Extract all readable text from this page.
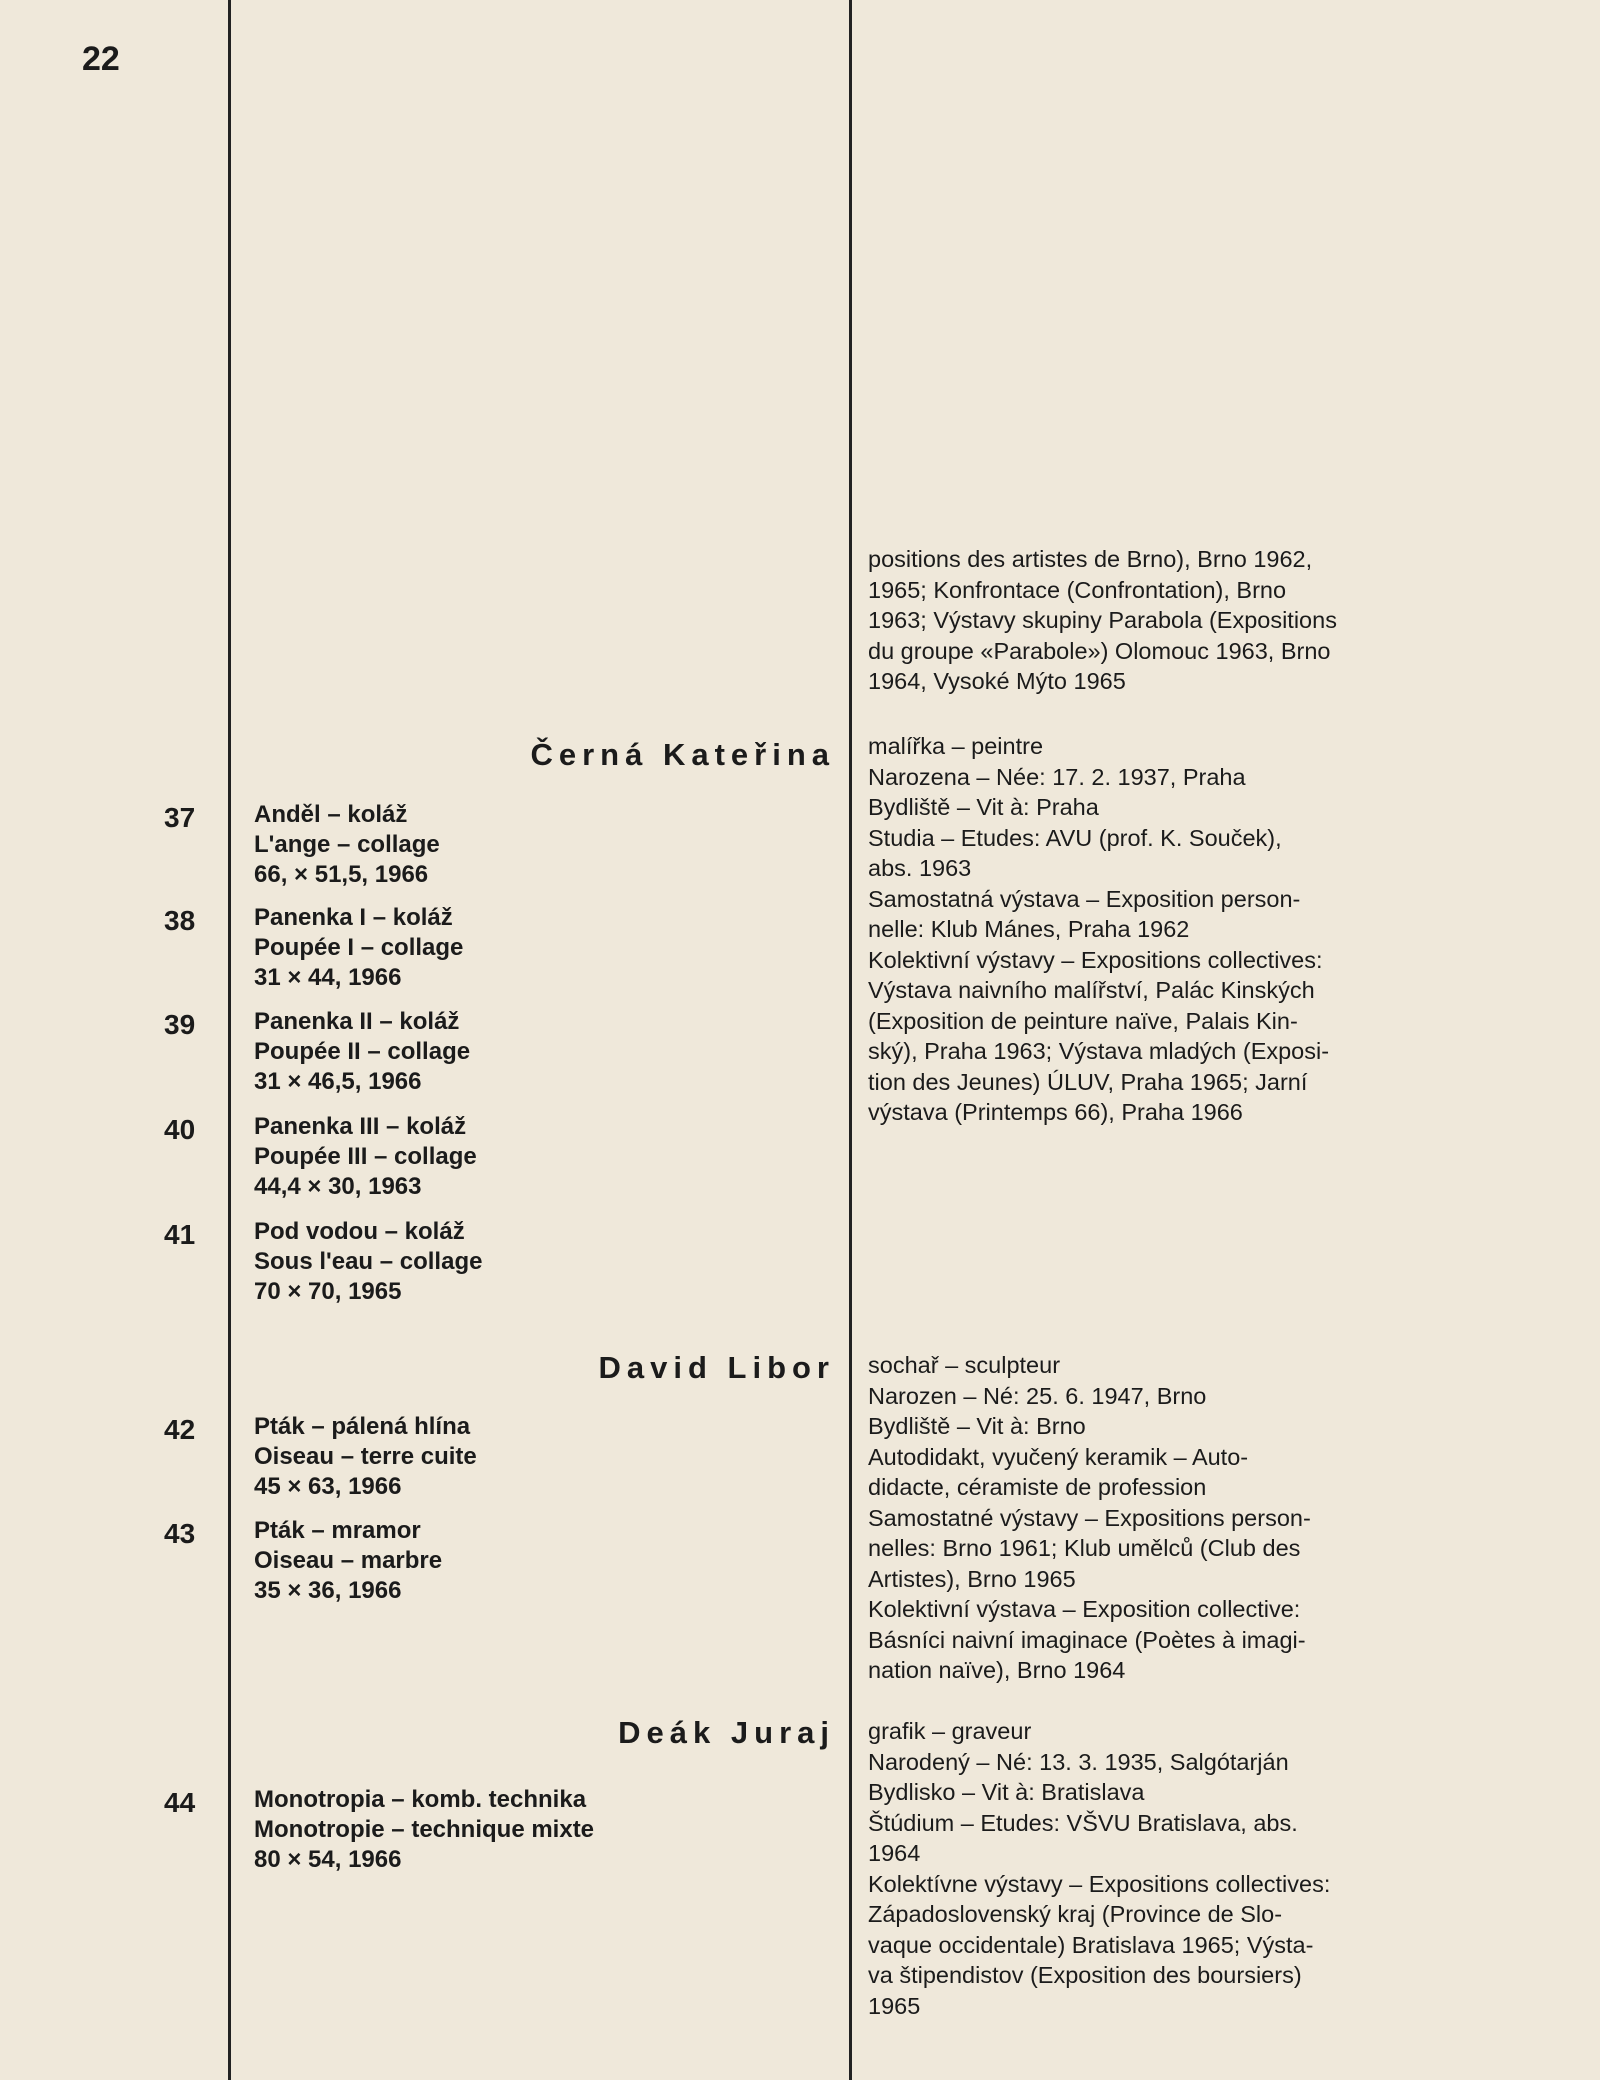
22
Černá Kateřina
37 Anděl – koláž
L'ange – collage
66, × 51,5, 1966
38 Panenka I – koláž
Poupée I – collage
31 × 44, 1966
39 Panenka II – koláž
Poupée II – collage
31 × 46,5, 1966
40 Panenka III – koláž
Poupée III – collage
44,4 × 30, 1963
41 Pod vodou – koláž
Sous l'eau – collage
70 × 70, 1965
David Libor
42 Pták – pálená hlína
Oiseau – terre cuite
45 × 63, 1966
43 Pták – mramor
Oiseau – marbre
35 × 36, 1966
Deák Juraj
44 Monotropia – komb. technika
Monotropie – technique mixte
80 × 54, 1966
positions des artistes de Brno), Brno 1962,
1965; Konfrontace (Confrontation), Brno
1963; Výstavy skupiny Parabola (Expositions
du groupe «Parabole») Olomouc 1963, Brno
1964, Vysoké Mýto 1965
malířka – peintre
Narozena – Née: 17. 2. 1937, Praha
Bydliště – Vit à: Praha
Studia – Etudes: AVU (prof. K. Souček),
abs. 1963
Samostatná výstava – Exposition person-
nelle: Klub Mánes, Praha 1962
Kolektivní výstavy – Expositions collectives:
Výstava naivního malířství, Palác Kinských
(Exposition de peinture naïve, Palais Kin-
ský), Praha 1963; Výstava mladých (Exposi-
tion des Jeunes) ÚLUV, Praha 1965; Jarní
výstava (Printemps 66), Praha 1966
sochař – sculpteur
Narozen – Né: 25. 6. 1947, Brno
Bydliště – Vit à: Brno
Autodidakt, vyučený keramik – Auto-
didacte, céramiste de profession
Samostatné výstavy – Expositions person-
nelles: Brno 1961; Klub umělců (Club des
Artistes), Brno 1965
Kolektivní výstava – Exposition collective:
Básníci naivní imaginace (Poètes à imagi-
nation naïve), Brno 1964
grafik – graveur
Narodený – Né: 13. 3. 1935, Salgótarján
Bydlisko – Vit à: Bratislava
Štúdium – Etudes: VŠVU Bratislava, abs.
1964
Kolektívne výstavy – Expositions collectives:
Západoslovenský kraj (Province de Slo-
vaque occidentale) Bratislava 1965; Výsta-
va štipendistov (Exposition des boursiers)
1965
